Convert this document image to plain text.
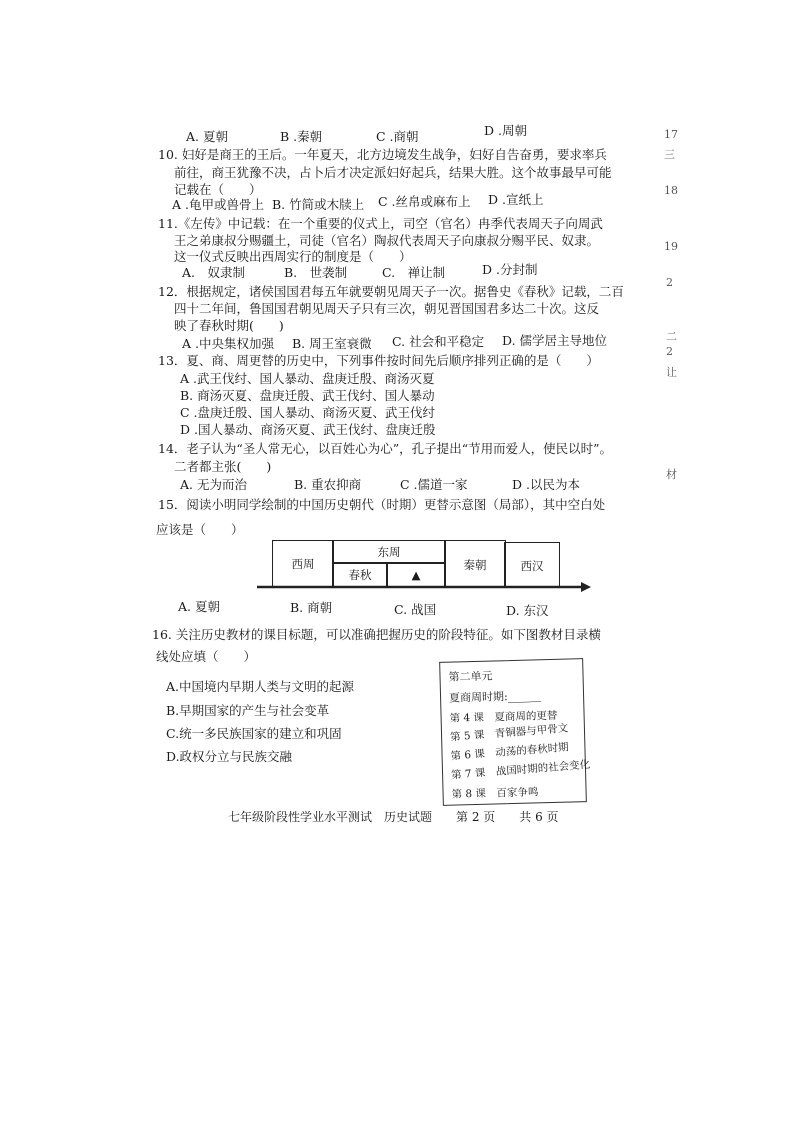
A. 夏朝	B .秦朝	C .商朝	D .周朝
10. 妇好是商王的王后。一年夏天，北方边境发生战争，妇好自告奋勇，要求率兵
前往，商王犹豫不决，占卜后才决定派妇好起兵，结果大胜。这个故事最早可能
记载在（　　）
A .龟甲或兽骨上 B. 竹简或木牍上 C .丝帛或麻布上 D .宣纸上
11.《左传》中记载：在一个重要的仪式上，司空（官名）冉季代表周天子向周武
王之弟康叔分赐疆土，司徒（官名）陶叔代表周天子向康叔分赐平民、奴隶。
这一仪式反映出西周实行的制度是（　　）
A.　奴隶制	B.　世袭制	C.　禅让制	D .分封制
12．根据规定，诸侯国国君每五年就要朝见周天子一次。据鲁史《春秋》记载，二百
四十二年间，鲁国国君朝见周天子只有三次，朝见晋国国君多达二十次。这反
映了春秋时期(　　)
A .中央集权加强 B. 周王室衰微 C. 社会和平稳定 D. 儒学居主导地位
13．夏、商、周更替的历史中，下列事件按时间先后顺序排列正确的是（　　）
A .武王伐纣、国人暴动、盘庚迁殷、商汤灭夏
B. 商汤灭夏、盘庚迁殷、武王伐纣、国人暴动
C .盘庚迁殷、国人暴动、商汤灭夏、武王伐纣
D .国人暴动、商汤灭夏、武王伐纣、盘庚迁殷
14．老子认为“圣人常无心，以百姓心为心”，孔子提出“节用而爱人，使民以时”。
二者都主张(　　)
A. 无为而治	B. 重农抑商	C .儒道一家	D .以民为本
15．阅读小明同学绘制的中国历史朝代（时期）更替示意图（局部），其中空白处
应该是（　　）
西周
东周
春秋	▲
秦朝	西汉
A. 夏朝	B. 商朝	C. 战国	D. 东汉
16. 关注历史教材的课目标题，可以准确把握历史的阶段特征。如下图教材目录横
线处应填（　　）
A.中国境内早期人类与文明的起源
B.早期国家的产生与社会变革
C.统一多民族国家的建立和巩固
D.政权分立与民族交融
第二单元
夏商周时期:______
第 4 课　夏商周的更替
第 5 课　青铜器与甲骨文
第 6 课　动荡的春秋时期
第 7 课　战国时期的社会变化
第 8 课　百家争鸣
七年级阶段性学业水平测试　历史试题　　第 2 页　　共 6 页
17
三
18
19
2
二
2
让
材
